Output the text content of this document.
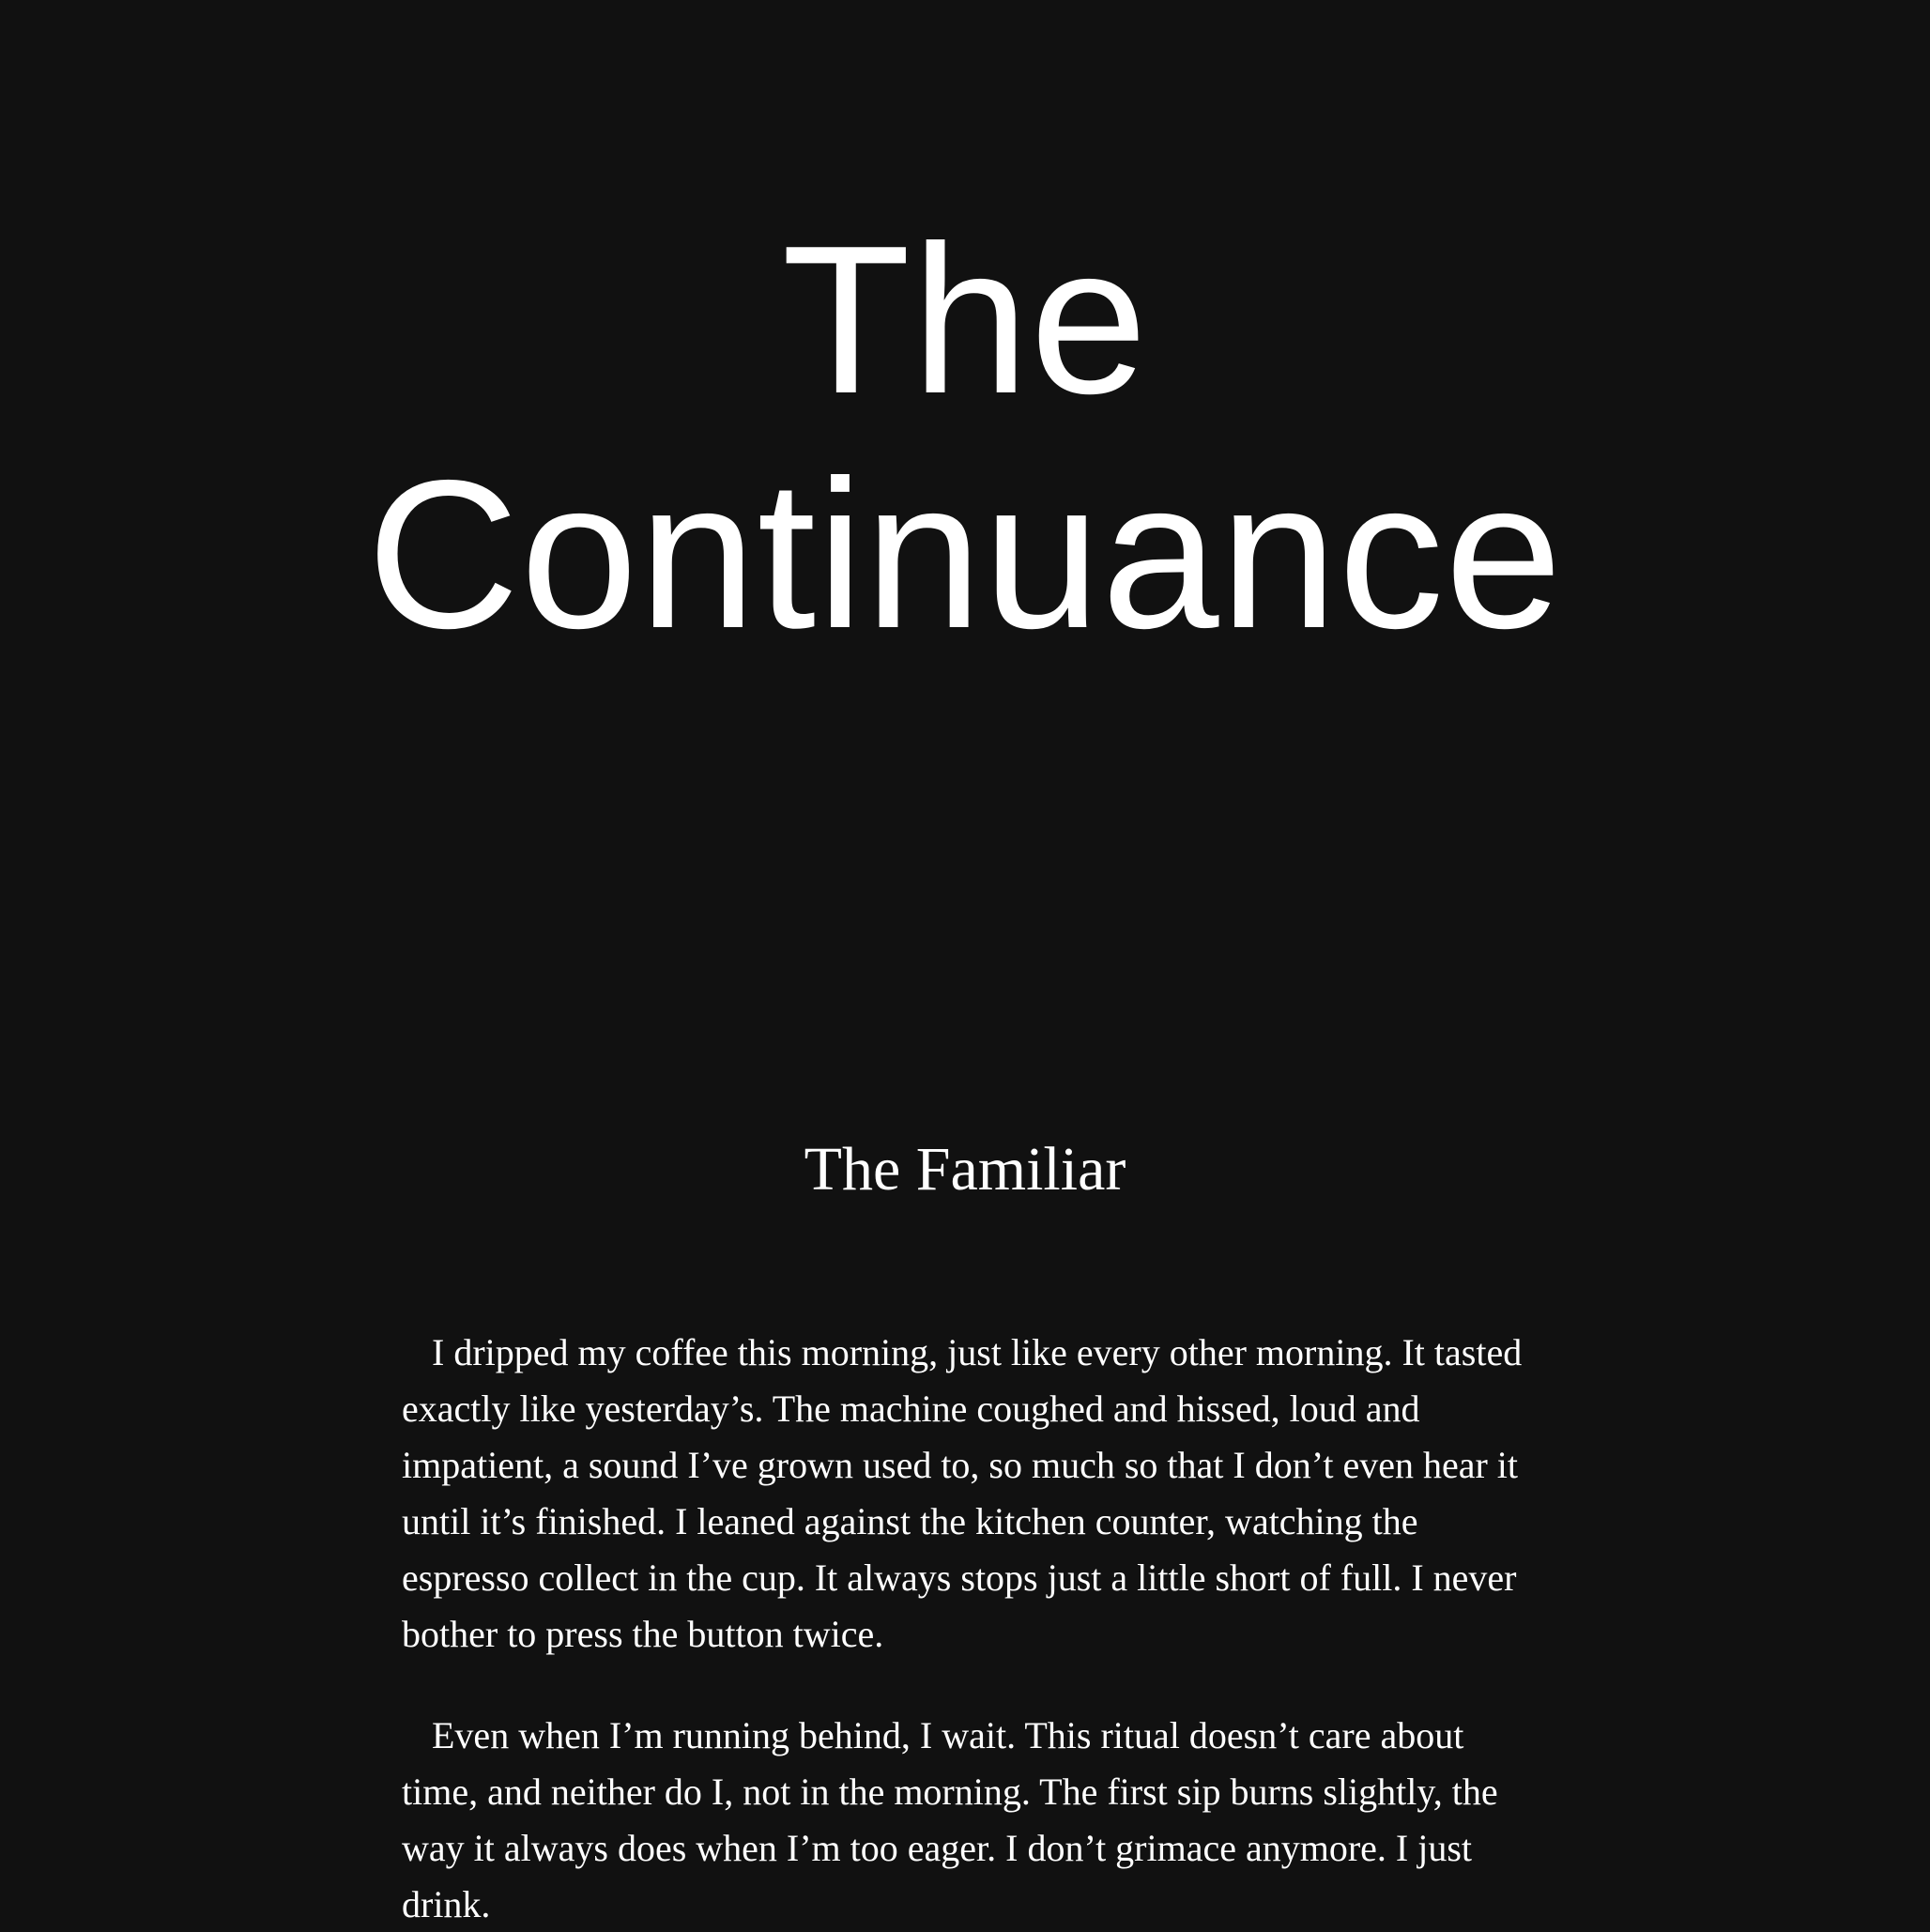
The
Continuance
The Familiar

I dripped my coffee this morning, just like every other morning. It tasted exactly like yesterday’s. The machine coughed and hissed, loud and impatient, a sound I’ve grown used to, so much so that I don’t even hear it until it’s finished. I leaned against the kitchen counter, watching the espresso collect in the cup. It always stops just a little short of full. I never bother to press the button twice.

Even when I’m running behind, I wait. This ritual doesn’t care about time, and neither do I, not in the morning. The first sip burns slightly, the way it always does when I’m too eager. I don’t grimace anymore. I just drink.
